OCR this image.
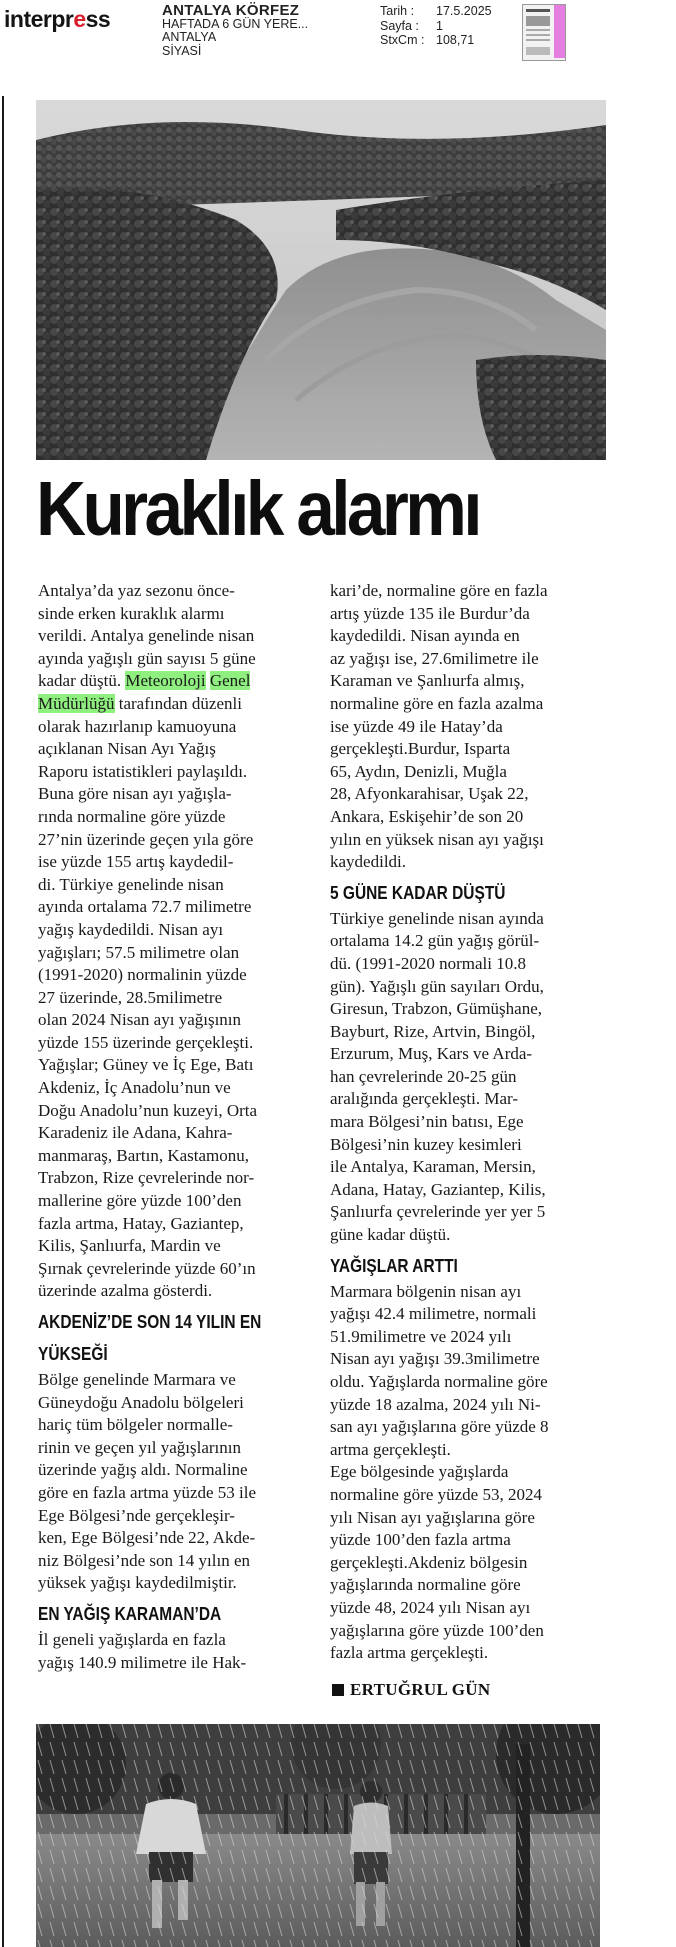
interpress	ANTALYA KÖRFEZ
HAFTADA 6 GÜN YERE...
ANTALYA
SİYASİ
Tarih :	17.5.2025
Sayfa :	1
StxCm : 108,71
Kuraklık alarmı
Antalya’da yaz sezonu önce-
sinde erken kuraklık alarmı
verildi. Antalya genelinde nisan
ayında yağışlı gün sayısı 5 güne
kadar düştü. Meteoroloji Genel
Müdürlüğü tarafından düzenli
olarak hazırlanıp kamuoyuna
açıklanan Nisan Ayı Yağış
Raporu istatistikleri paylaşıldı.
Buna göre nisan ayı yağışla-
rında normaline göre yüzde
27’nin üzerinde geçen yıla göre
ise yüzde 155 artış kaydedil-
di. Türkiye genelinde nisan
ayında ortalama 72.7 milimetre
yağış kaydedildi. Nisan ayı
yağışları; 57.5 milimetre olan
(1991-2020) normalinin yüzde
27 üzerinde, 28.5milimetre
olan 2024 Nisan ayı yağışının
yüzde 155 üzerinde gerçekleşti.
Yağışlar; Güney ve İç Ege, Batı
Akdeniz, İç Anadolu’nun ve
Doğu Anadolu’nun kuzeyi, Orta
Karadeniz ile Adana, Kahra-
manmaraş, Bartın, Kastamonu,
Trabzon, Rize çevrelerinde nor-
mallerine göre yüzde 100’den
fazla artma, Hatay, Gaziantep,
Kilis, Şanlıurfa, Mardin ve
Şırnak çevrelerinde yüzde 60’ın
üzerinde azalma gösterdi.
AKDENİZ’DE SON 14 YILIN EN
YÜKSEĞİ
Bölge genelinde Marmara ve
Güneydoğu Anadolu bölgeleri
hariç tüm bölgeler normalle-
rinin ve geçen yıl yağışlarının
üzerinde yağış aldı. Normaline
göre en fazla artma yüzde 53 ile
Ege Bölgesi’nde gerçekleşir-
ken, Ege Bölgesi’nde 22, Akde-
niz Bölgesi’nde son 14 yılın en
yüksek yağışı kaydedilmiştir.
EN YAĞIŞ KARAMAN’DA
İl geneli yağışlarda en fazla
yağış 140.9 milimetre ile Hak-
kari’de, normaline göre en fazla
artış yüzde 135 ile Burdur’da
kaydedildi. Nisan ayında en
az yağışı ise, 27.6milimetre ile
Karaman ve Şanlıurfa almış,
normaline göre en fazla azalma
ise yüzde 49 ile Hatay’da
gerçekleşti.Burdur, Isparta
65, Aydın, Denizli, Muğla
28, Afyonkarahisar, Uşak 22,
Ankara, Eskişehir’de son 20
yılın en yüksek nisan ayı yağışı
kaydedildi.
5 GÜNE KADAR DÜŞTÜ
Türkiye genelinde nisan ayında
ortalama 14.2 gün yağış görül-
dü. (1991-2020 normali 10.8
gün). Yağışlı gün sayıları Ordu,
Giresun, Trabzon, Gümüşhane,
Bayburt, Rize, Artvin, Bingöl,
Erzurum, Muş, Kars ve Arda-
han çevrelerinde 20-25 gün
aralığında gerçekleşti. Mar-
mara Bölgesi’nin batısı, Ege
Bölgesi’nin kuzey kesimleri
ile Antalya, Karaman, Mersin,
Adana, Hatay, Gaziantep, Kilis,
Şanlıurfa çevrelerinde yer yer 5
güne kadar düştü.
YAĞIŞLAR ARTTI
Marmara bölgenin nisan ayı
yağışı 42.4 milimetre, normali
51.9milimetre ve 2024 yılı
Nisan ayı yağışı 39.3milimetre
oldu. Yağışlarda normaline göre
yüzde 18 azalma, 2024 yılı Ni-
san ayı yağışlarına göre yüzde 8
artma gerçekleşti.
Ege bölgesinde yağışlarda
normaline göre yüzde 53, 2024
yılı Nisan ayı yağışlarına göre
yüzde 100’den fazla artma
gerçekleşti.Akdeniz bölgesin
yağışlarında normaline göre
yüzde 48, 2024 yılı Nisan ayı
yağışlarına göre yüzde 100’den
fazla artma gerçekleşti.
ERTUĞRUL GÜN
